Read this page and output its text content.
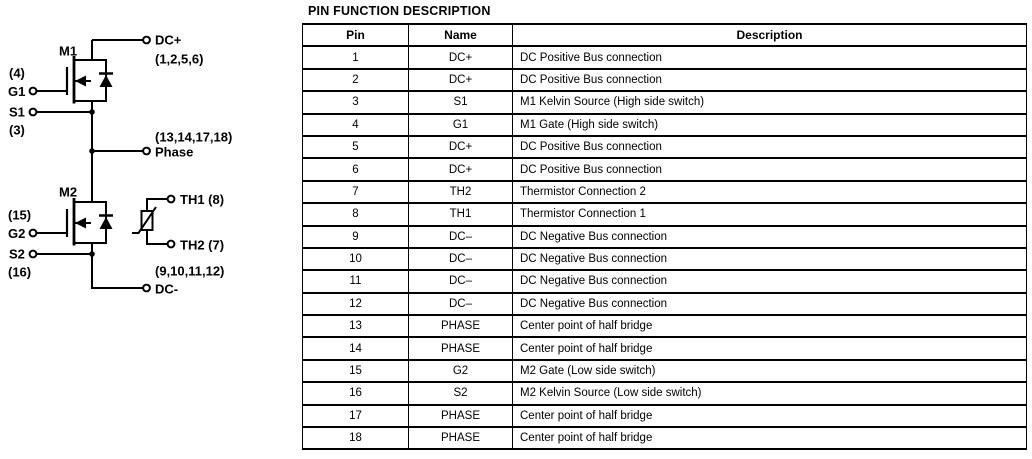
M1
DC+
(1,2,5,6)
(4)
G1
S1
(3)	(13,14,17,18)
Phase
M2
(15)
G2
S2
(16)	(9,10,11,12)
DC-
TH1 (8)
TH2 (7)
PIN FUNCTION DESCRIPTION
Pin	Name	Description
1	DC+	DC Positive Bus connection
2	DC+	DC Positive Bus connection
3	S1	M1 Kelvin Source (High side switch)
4	G1	M1 Gate (High side switch)
5	DC+	DC Positive Bus connection
6	DC+	DC Positive Bus connection
7	TH2	Thermistor Connection 2
8	TH1	Thermistor Connection 1
9	DC–	DC Negative Bus connection
10	DC–	DC Negative Bus connection
11	DC–	DC Negative Bus connection
12	DC–	DC Negative Bus connection
13	PHASE	Center point of half bridge
14	PHASE	Center point of half bridge
15	G2	M2 Gate (Low side switch)
16	S2	M2 Kelvin Source (Low side switch)
17	PHASE	Center point of half bridge
18	PHASE	Center point of half bridge
